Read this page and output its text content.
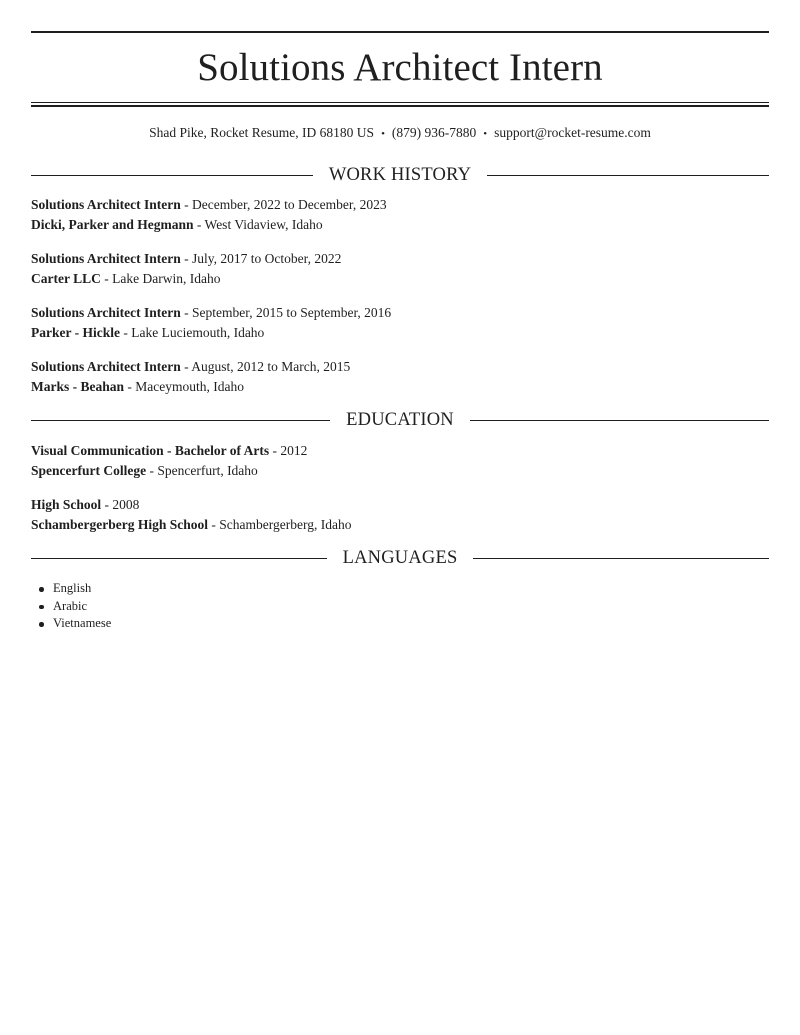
Solutions Architect Intern
Shad Pike, Rocket Resume, ID 68180 US • (879) 936-7880 • support@rocket-resume.com
WORK HISTORY
Solutions Architect Intern - December, 2022 to December, 2023
Dicki, Parker and Hegmann - West Vidaview, Idaho
Solutions Architect Intern - July, 2017 to October, 2022
Carter LLC - Lake Darwin, Idaho
Solutions Architect Intern - September, 2015 to September, 2016
Parker - Hickle - Lake Luciemouth, Idaho
Solutions Architect Intern - August, 2012 to March, 2015
Marks - Beahan - Maceymouth, Idaho
EDUCATION
Visual Communication - Bachelor of Arts - 2012
Spencerfurt College - Spencerfurt, Idaho
High School - 2008
Schambergerberg High School - Schambergerberg, Idaho
LANGUAGES
English
Arabic
Vietnamese
